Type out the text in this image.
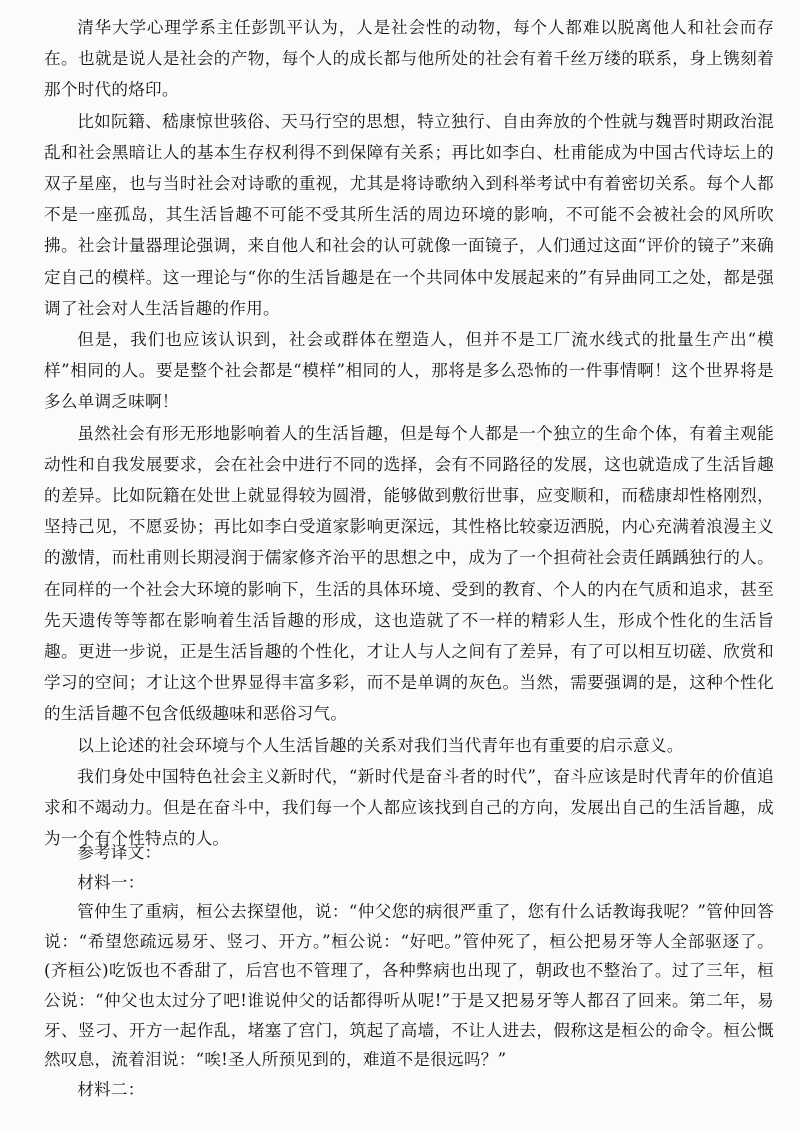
清华大学心理学系主任彭凯平认为，人是社会性的动物，每个人都难以脱离他人和社会而存在。也就是说人是社会的产物，每个人的成长都与他所处的社会有着千丝万缕的联系，身上镌刻着那个时代的烙印。

比如阮籍、嵇康惊世骇俗、天马行空的思想，特立独行、自由奔放的个性就与魏晋时期政治混乱和社会黑暗让人的基本生存权利得不到保障有关系；再比如李白、杜甫能成为中国古代诗坛上的双子星座，也与当时社会对诗歌的重视，尤其是将诗歌纳入到科举考试中有着密切关系。每个人都不是一座孤岛，其生活旨趣不可能不受其所生活的周边环境的影响，不可能不会被社会的风所吹拂。社会计量器理论强调，来自他人和社会的认可就像一面镜子，人们通过这面“评价的镜子”来确定自己的模样。这一理论与“你的生活旨趣是在一个共同体中发展起来的”有异曲同工之处，都是强调了社会对人生活旨趣的作用。

但是，我们也应该认识到，社会或群体在塑造人，但并不是工厂流水线式的批量生产出“模样”相同的人。要是整个社会都是“模样”相同的人，那将是多么恐怖的一件事情啊！这个世界将是多么单调乏味啊！

虽然社会有形无形地影响着人的生活旨趣，但是每个人都是一个独立的生命个体，有着主观能动性和自我发展要求，会在社会中进行不同的选择，会有不同路径的发展，这也就造成了生活旨趣的差异。比如阮籍在处世上就显得较为圆滑，能够做到敷衍世事，应变顺和，而嵇康却性格刚烈，坚持己见，不愿妥协；再比如李白受道家影响更深远，其性格比较豪迈洒脱，内心充满着浪漫主义的激情，而杜甫则长期浸润于儒家修齐治平的思想之中，成为了一个担荷社会责任踽踽独行的人。在同样的一个社会大环境的影响下，生活的具体环境、受到的教育、个人的内在气质和追求，甚至先天遗传等等都在影响着生活旨趣的形成，这也造就了不一样的精彩人生，形成个性化的生活旨趣。更进一步说，正是生活旨趣的个性化，才让人与人之间有了差异，有了可以相互切磋、欣赏和学习的空间；才让这个世界显得丰富多彩，而不是单调的灰色。当然，需要强调的是，这种个性化的生活旨趣不包含低级趣味和恶俗习气。

以上论述的社会环境与个人生活旨趣的关系对我们当代青年也有重要的启示意义。

我们身处中国特色社会主义新时代，“新时代是奋斗者的时代”，奋斗应该是时代青年的价值追求和不竭动力。但是在奋斗中，我们每一个人都应该找到自己的方向，发展出自己的生活旨趣，成为一个有个性特点的人。

参考译文：

材料一：

管仲生了重病，桓公去探望他，说：“仲父您的病很严重了，您有什么话教诲我呢？”管仲回答说：“希望您疏远易牙、竖刁、开方。”桓公说：“好吧。”管仲死了，桓公把易牙等人全部驱逐了。(齐桓公)吃饭也不香甜了，后宫也不管理了，各种弊病也出现了，朝政也不整治了。过了三年，桓公说：“仲父也太过分了吧!谁说仲父的话都得听从呢!”于是又把易牙等人都召了回来。第二年，易牙、竖刁、开方一起作乱，堵塞了宫门，筑起了高墙，不让人进去，假称这是桓公的命令。桓公慨然叹息，流着泪说：“唉!圣人所预见到的，难道不是很远吗？”

材料二：
